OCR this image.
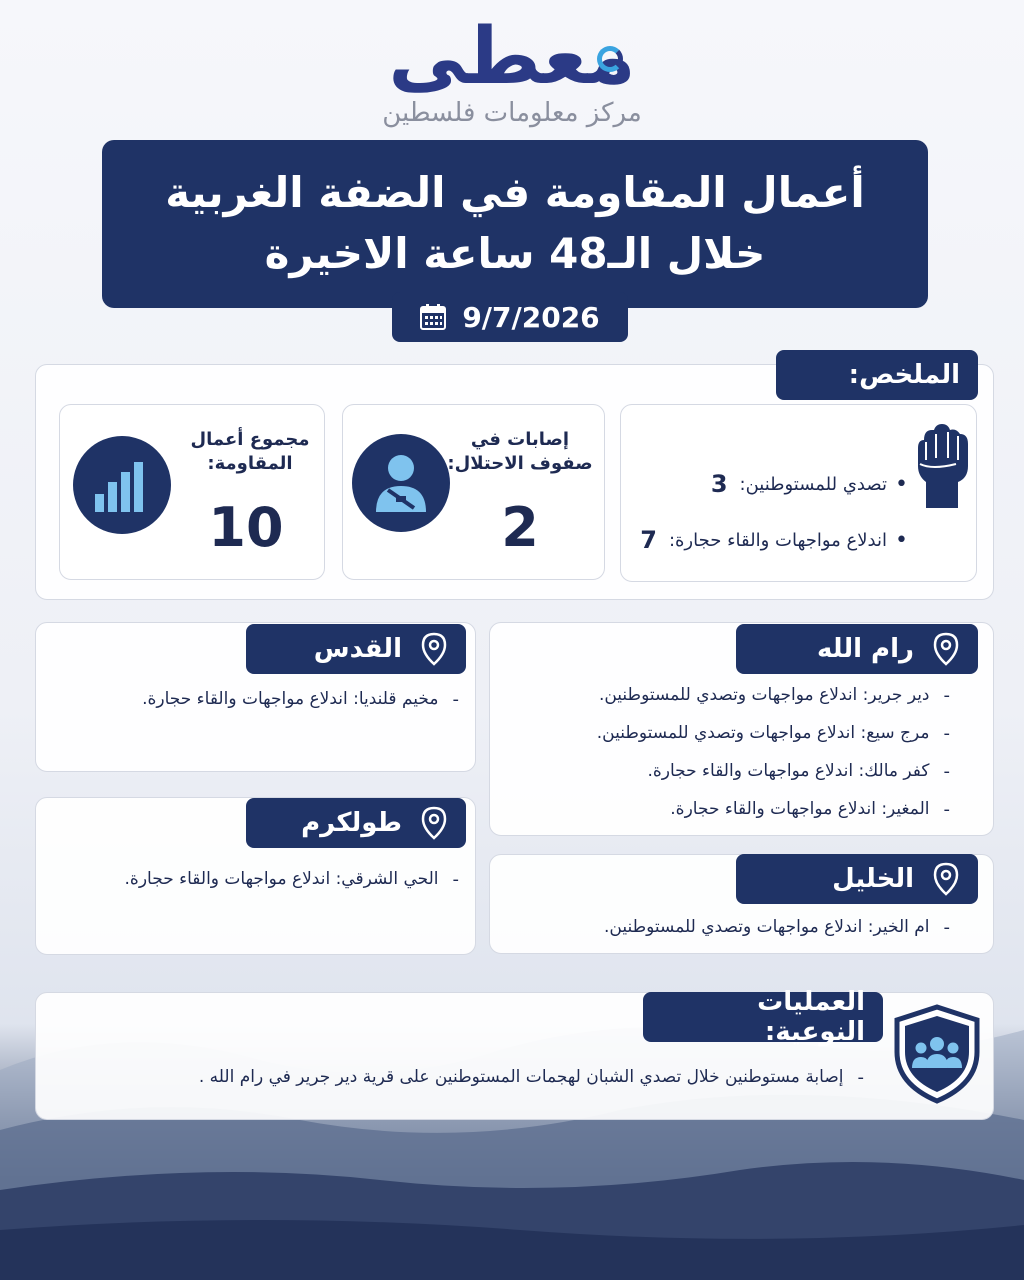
معطى
مركز معلومات فلسطين
أعمال المقاومة في الضفة الغربية
خلال الـ48 ساعة الاخيرة
9/7/2026
الملخص:
• تصدي للمستوطنين:
3
• اندلاع مواجهات والقاء حجارة:
7
إصابات في صفوف الاحتلال:
2
مجموع أعمال المقاومة:
10
رام الله
- دير جرير: اندلاع مواجهات وتصدي للمستوطنين.
- مرج سيع: اندلاع مواجهات وتصدي للمستوطنين.
- كفر مالك: اندلاع مواجهات والقاء حجارة.
- المغير: اندلاع مواجهات والقاء حجارة.
القدس
- مخيم قلنديا: اندلاع مواجهات والقاء حجارة.
طولكرم
- الحي الشرقي: اندلاع مواجهات والقاء حجارة.	الخليل
- ام الخير: اندلاع مواجهات وتصدي للمستوطنين.
العمليات النوعية:
- إصابة مستوطنين خلال تصدي الشبان لهجمات المستوطنين على قرية دير جرير في رام الله .
